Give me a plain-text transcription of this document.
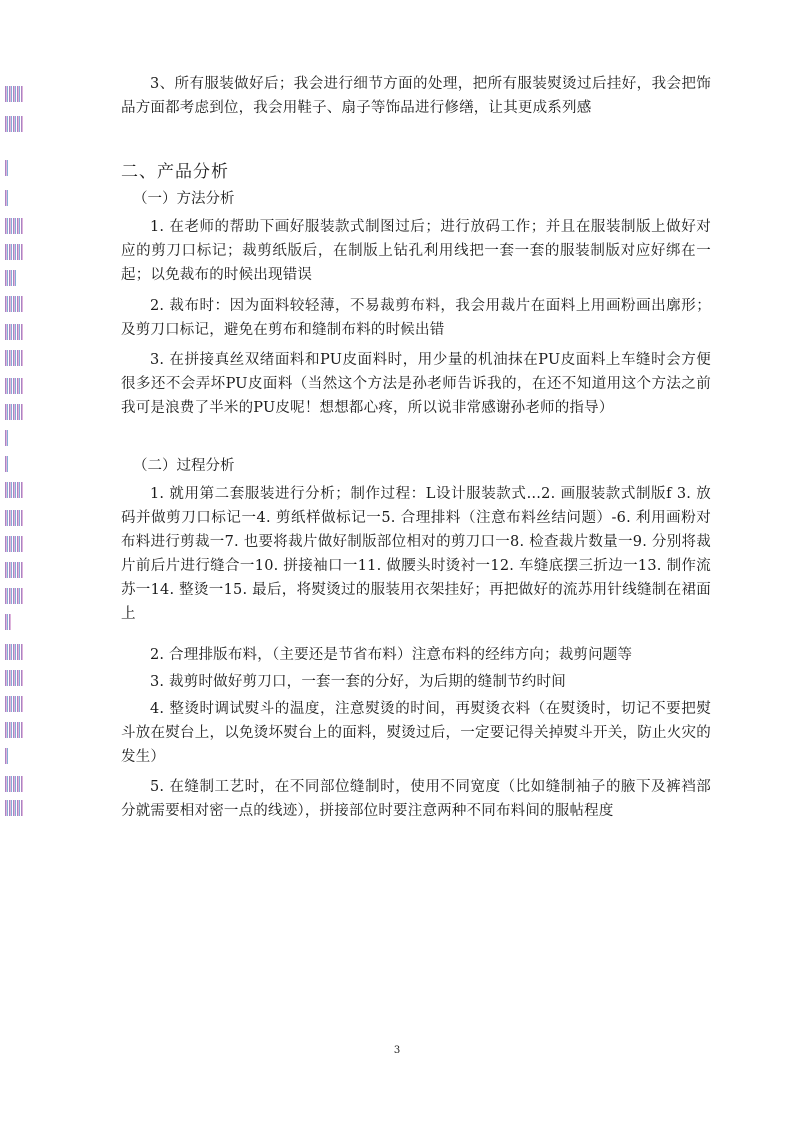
3、所有服装做好后；我会进行细节方面的处理，把所有服装熨烫过后挂好，我会把饰品方面都考虑到位，我会用鞋子、扇子等饰品进行修缮，让其更成系列感

二、产品分析
（一）方法分析

1. 在老师的帮助下画好服装款式制图过后；进行放码工作；并且在服装制版上做好对应的剪刀口标记；裁剪纸版后，在制版上钻孔利用线把一套一套的服装制版对应好绑在一起；以免裁布的时候出现错误

2. 裁布时：因为面料较轻薄，不易裁剪布料，我会用裁片在面料上用画粉画出廓形；及剪刀口标记，避免在剪布和缝制布料的时候出错

3. 在拼接真丝双绪面料和PU皮面料时，用少量的机油抹在PU皮面料上车缝时会方便很多还不会弄坏PU皮面料（当然这个方法是孙老师告诉我的，在还不知道用这个方法之前我可是浪费了半米的PU皮呢！想想都心疼，所以说非常感谢孙老师的指导）

（二）过程分析

1. 就用第二套服装进行分析；制作过程：L设计服装款式…2. 画服装款式制版f 3. 放码并做剪刀口标记一4. 剪纸样做标记一5. 合理排料（注意布料丝结问题）-6. 利用画粉对布料进行剪裁一7. 也要将裁片做好制版部位相对的剪刀口一8. 检查裁片数量一9. 分别将裁片前后片进行缝合一10. 拼接袖口一11. 做腰头时烫衬一12. 车缝底摆三折边一13. 制作流苏一14. 整烫一15. 最后，将熨烫过的服装用衣架挂好；再把做好的流苏用针线缝制在裙面上

2. 合理排版布料，（主要还是节省布料）注意布料的经纬方向；裁剪问题等

3. 裁剪时做好剪刀口，一套一套的分好，为后期的缝制节约时间

4. 整烫时调试熨斗的温度，注意熨烫的时间，再熨烫衣料（在熨烫时，切记不要把熨斗放在熨台上，以免烫坏熨台上的面料，熨烫过后，一定要记得关掉熨斗开关，防止火灾的发生）

5. 在缝制工艺时，在不同部位缝制时，使用不同宽度（比如缝制袖子的腋下及裤裆部分就需要相对密一点的线迹），拼接部位时要注意两种不同布料间的服帖程度

3
